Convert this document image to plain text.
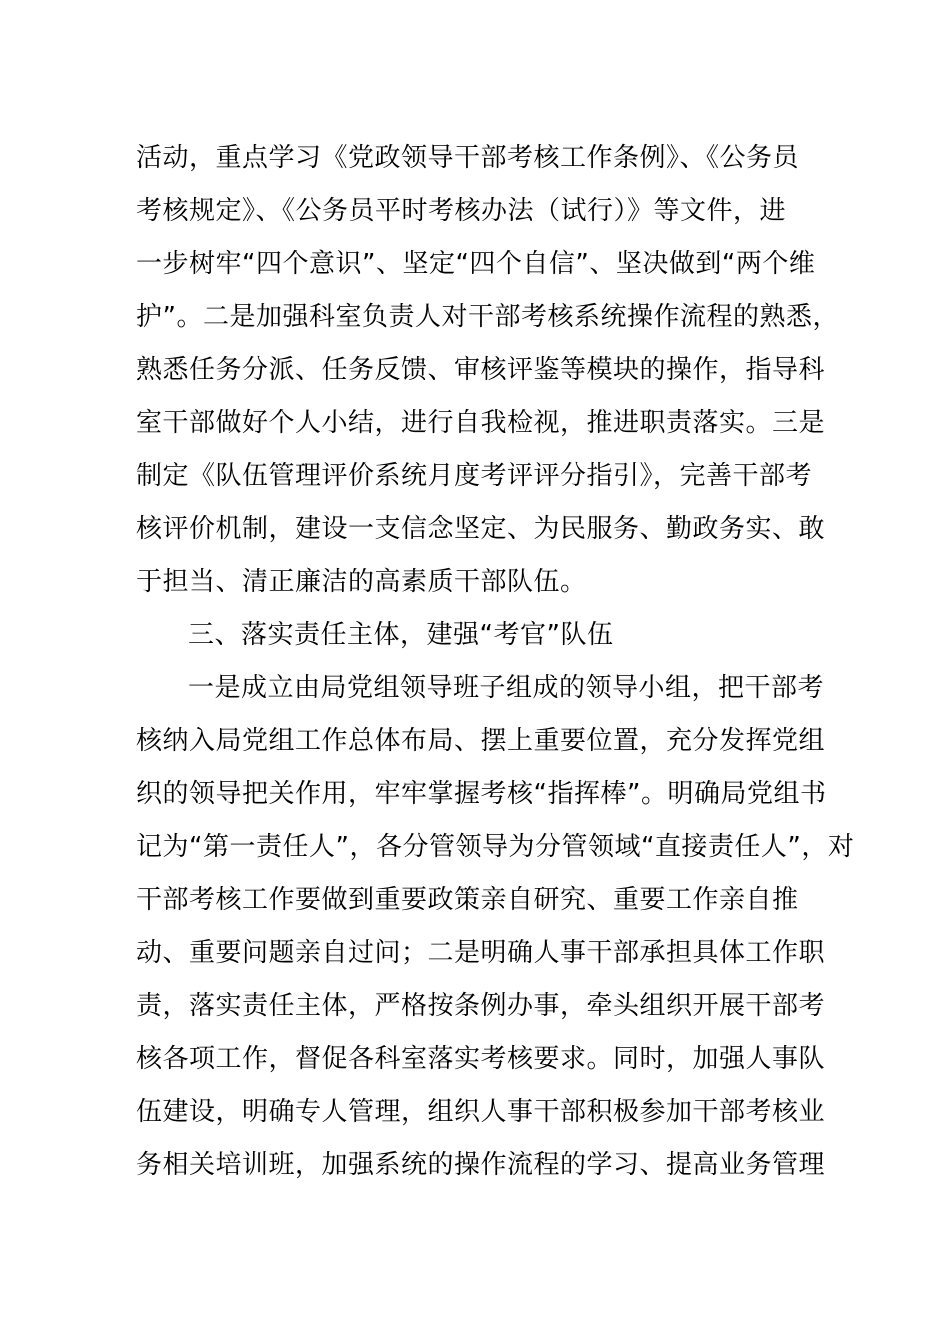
活动，重点学习《党政领导干部考核工作条例》、《公务员
考核规定》、《公务员平时考核办法（试行）》等文件，进
一步树牢“四个意识”、坚定“四个自信”、坚决做到“两个维
护”。二是加强科室负责人对干部考核系统操作流程的熟悉，
熟悉任务分派、任务反馈、审核评鉴等模块的操作，指导科
室干部做好个人小结，进行自我检视，推进职责落实。三是
制定《队伍管理评价系统月度考评评分指引》，完善干部考
核评价机制，建设一支信念坚定、为民服务、勤政务实、敢
于担当、清正廉洁的高素质干部队伍。
三、落实责任主体，建强“考官”队伍
一是成立由局党组领导班子组成的领导小组，把干部考
核纳入局党组工作总体布局、摆上重要位置，充分发挥党组
织的领导把关作用，牢牢掌握考核“指挥棒”。明确局党组书
记为“第一责任人”，各分管领导为分管领域“直接责任人”，对
干部考核工作要做到重要政策亲自研究、重要工作亲自推
动、重要问题亲自过问；二是明确人事干部承担具体工作职
责，落实责任主体，严格按条例办事，牵头组织开展干部考
核各项工作，督促各科室落实考核要求。同时，加强人事队
伍建设，明确专人管理，组织人事干部积极参加干部考核业
务相关培训班，加强系统的操作流程的学习、提高业务管理
